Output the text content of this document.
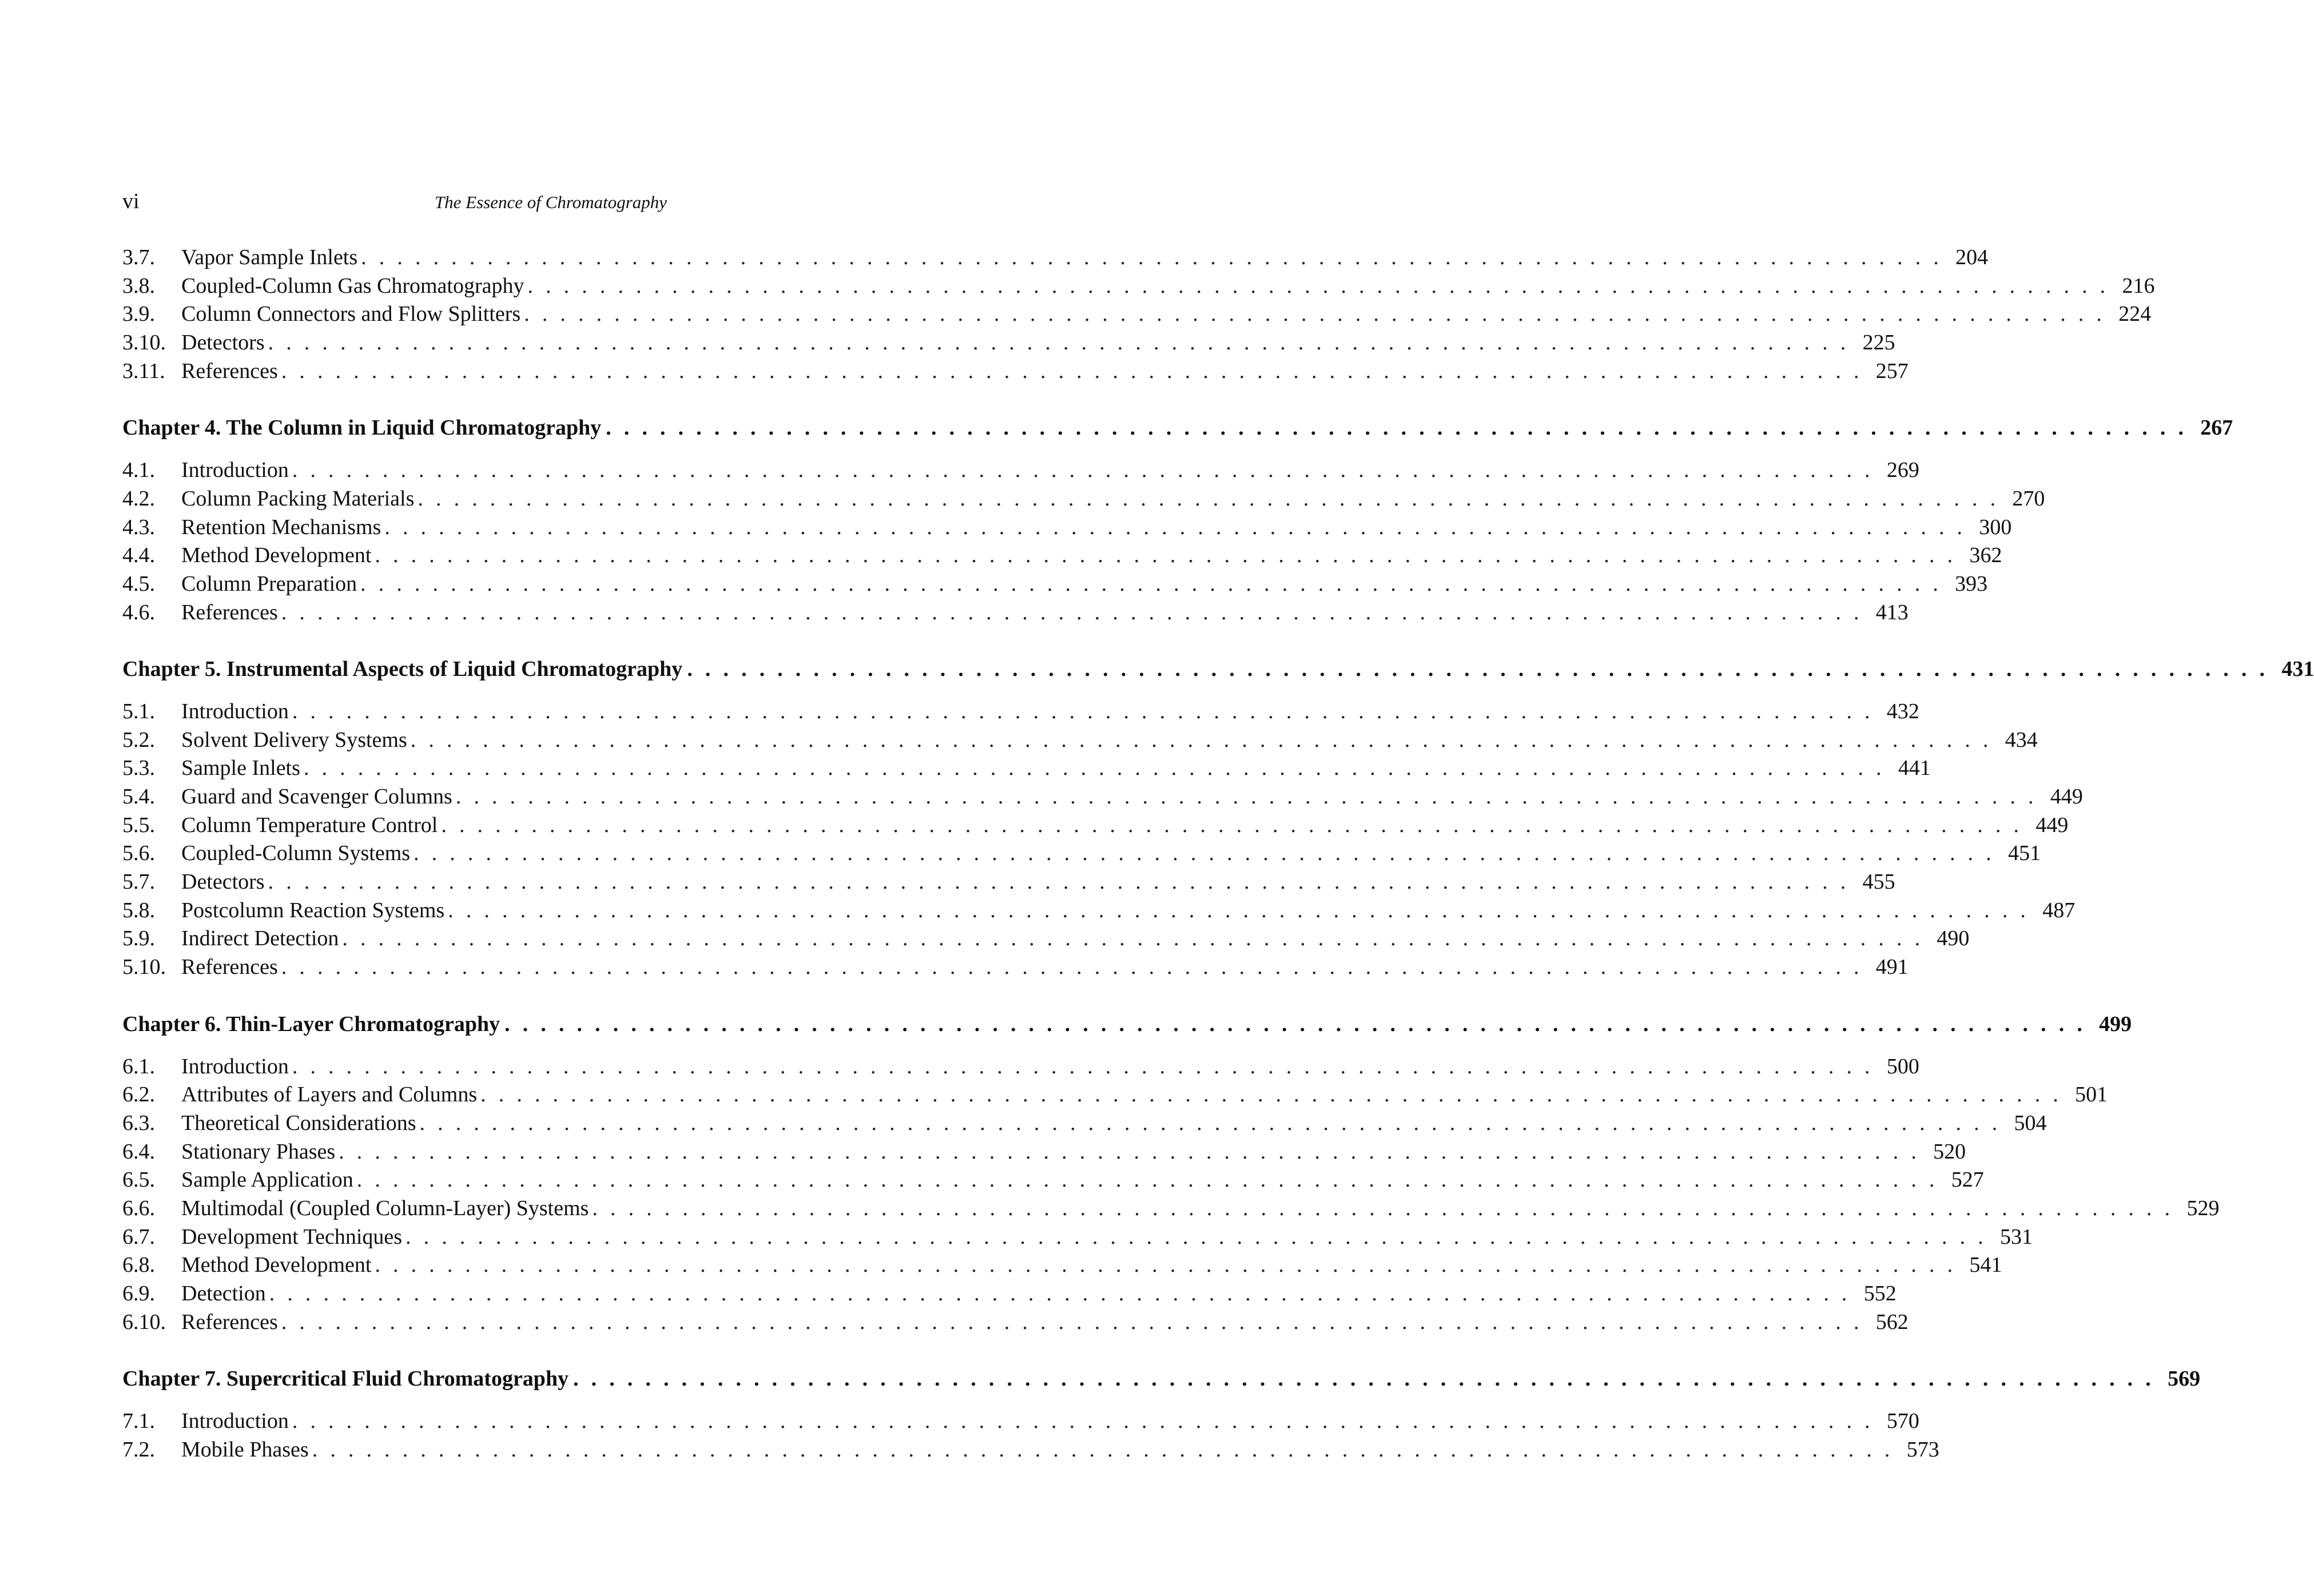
vi	The Essence of Chromatography
3.7.	Vapor Sample Inlets . . .	204
3.8.	Coupled-Column Gas Chromatography . . .	216
3.9.	Column Connectors and Flow Splitters . . .	224
3.10. Detectors . . .	225
3.11. References . . .	257
Chapter 4. The Column in Liquid Chromatography . . .	267
4.1.	Introduction . . .	269
4.2.	Column Packing Materials . . .	270
4.3.	Retention Mechanisms . . .	300
4.4.	Method Development . . .	362
4.5.	Column Preparation . . .	393
4.6.	References . . .	413
Chapter 5. Instrumental Aspects of Liquid Chromatography . . .	431
5.1.	Introduction . . .	432
5.2.	Solvent Delivery Systems . . .	434
5.3.	Sample Inlets . . .	441
5.4.	Guard and Scavenger Columns . . .	449
5.5.	Column Temperature Control . . .	449
5.6.	Coupled-Column Systems . . .	451
5.7.	Detectors . . .	455
5.8.	Postcolumn Reaction Systems . . .	487
5.9.	Indirect Detection . . .	490
5.10. References . . .	491
Chapter 6. Thin-Layer Chromatography . . .	499
6.1.	Introduction . . .	500
6.2.	Attributes of Layers and Columns . . .	501
6.3.	Theoretical Considerations . . .	504
6.4.	Stationary Phases . . .	520
6.5.	Sample Application . . .	527
6.6.	Multimodal (Coupled Column-Layer) Systems . . .	529
6.7.	Development Techniques . . .	531
6.8.	Method Development . . .	541
6.9.	Detection . . .	552
6.10. References . . .	562
Chapter 7. Supercritical Fluid Chromatography . . .	569
7.1.	Introduction . . .	570
7.2.	Mobile Phases . . .	573
